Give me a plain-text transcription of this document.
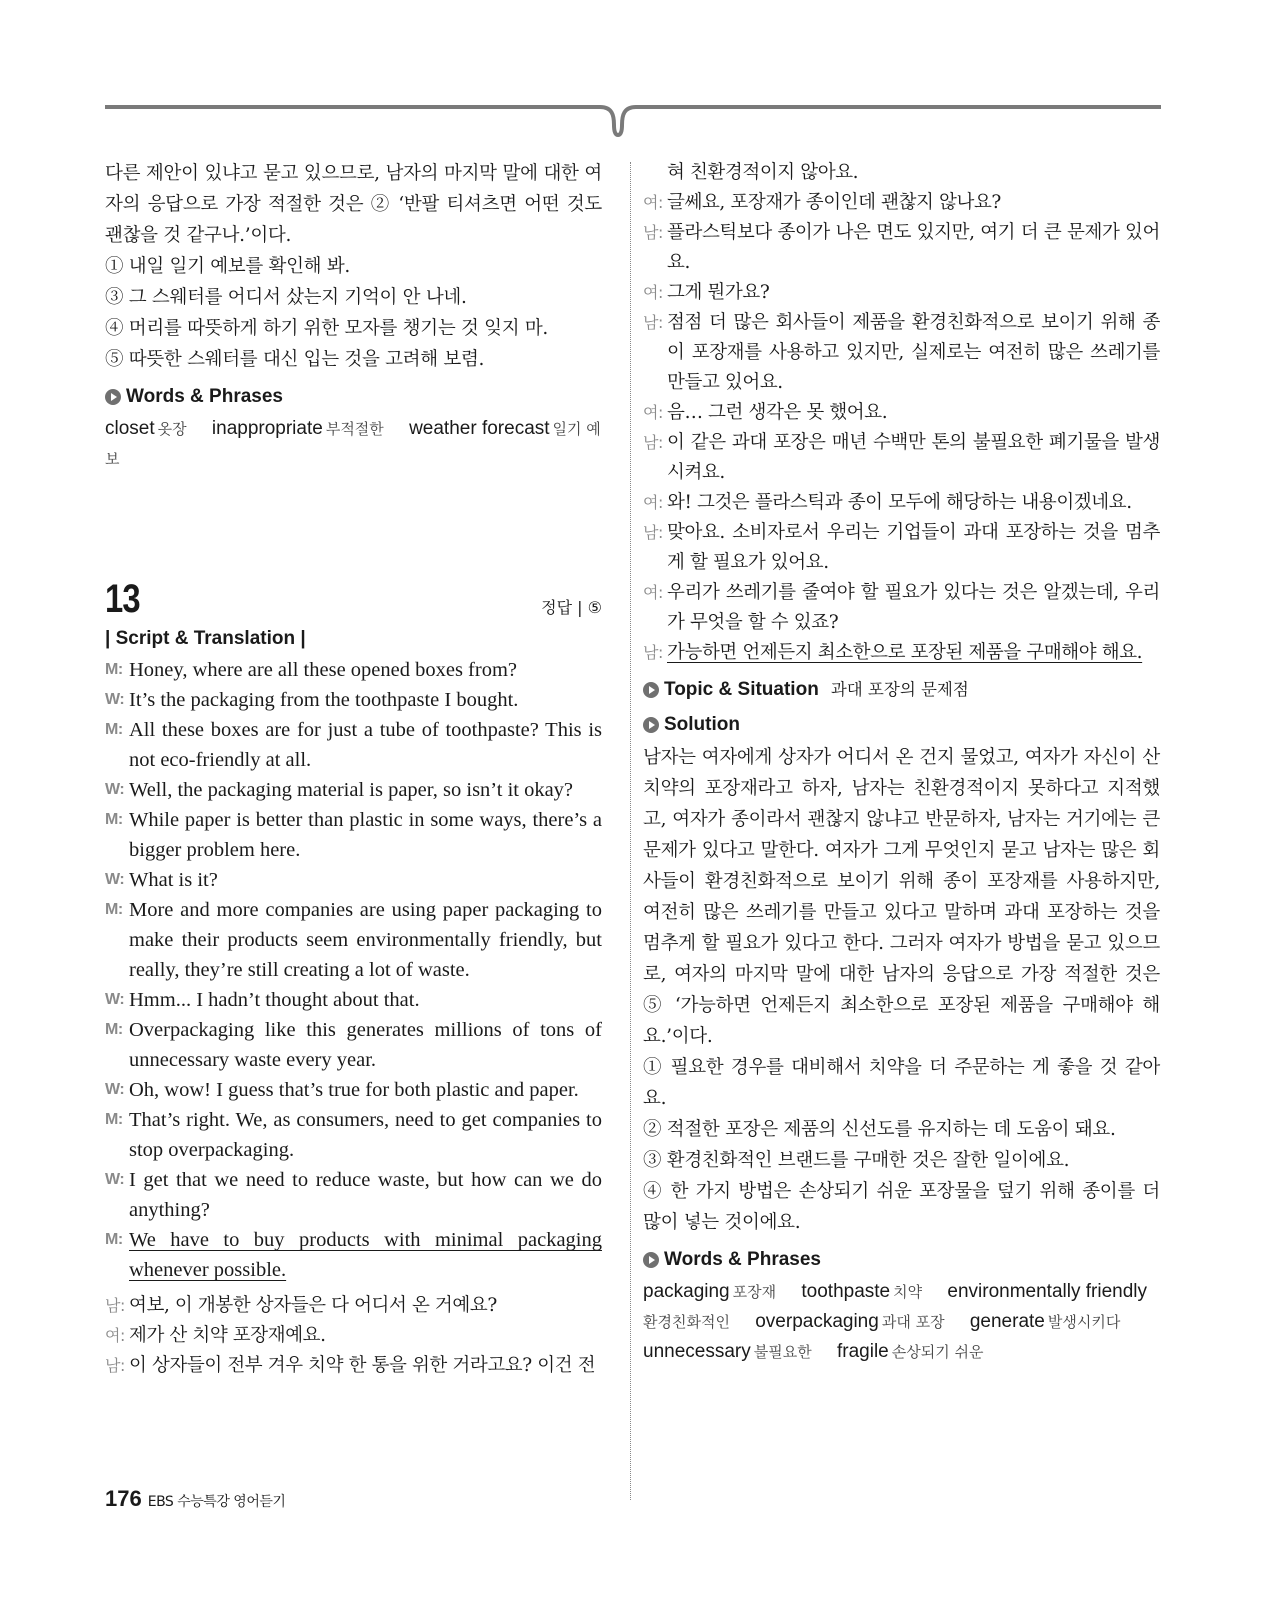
다른 제안이 있냐고 묻고 있으므로, 남자의 마지막 말에 대한 여자의 응답으로 가장 적절한 것은 ② ‘반팔 티셔츠면 어떤 것도 괜찮을 것 같구나.’이다.

① 내일 일기 예보를 확인해 봐.

③ 그 스웨터를 어디서 샀는지 기억이 안 나네.

④ 머리를 따뜻하게 하기 위한 모자를 챙기는 것 잊지 마.

⑤ 따뜻한 스웨터를 대신 입는 것을 고려해 보렴.

Words & Phrases

closet 옷장 inappropriate 부적절한 weather forecast 일기 예보

13	정답 | ⑤
| Script & Translation |

M: Honey, where are all these opened boxes from?

W: It’s the packaging from the toothpaste I bought.

M: All these boxes are for just a tube of toothpaste? This is not eco-friendly at all.

W: Well, the packaging material is paper, so isn’t it okay?

M: While paper is better than plastic in some ways, there’s a bigger problem here.

W: What is it?

M: More and more companies are using paper packaging to make their products seem environmentally friendly, but really, they’re still creating a lot of waste.

W: Hmm... I hadn’t thought about that.

M: Overpackaging like this generates millions of tons of unnecessary waste every year.

W: Oh, wow! I guess that’s true for both plastic and paper.

M: That’s right. We, as consumers, need to get companies to stop overpackaging.

W: I get that we need to reduce waste, but how can we do anything?

M: We have to buy products with minimal packaging whenever possible.

남: 여보, 이 개봉한 상자들은 다 어디서 온 거예요?

여: 제가 산 치약 포장재예요.

남: 이 상자들이 전부 겨우 치약 한 통을 위한 거라고요? 이건 전

혀 친환경적이지 않아요.

여: 글쎄요, 포장재가 종이인데 괜찮지 않나요?

남: 플라스틱보다 종이가 나은 면도 있지만, 여기 더 큰 문제가 있어요.

여: 그게 뭔가요?

남: 점점 더 많은 회사들이 제품을 환경친화적으로 보이기 위해 종이 포장재를 사용하고 있지만, 실제로는 여전히 많은 쓰레기를 만들고 있어요.

여: 음… 그런 생각은 못 했어요.

남: 이 같은 과대 포장은 매년 수백만 톤의 불필요한 폐기물을 발생시켜요.

여: 와! 그것은 플라스틱과 종이 모두에 해당하는 내용이겠네요.

남: 맞아요. 소비자로서 우리는 기업들이 과대 포장하는 것을 멈추게 할 필요가 있어요.

여: 우리가 쓰레기를 줄여야 할 필요가 있다는 것은 알겠는데, 우리가 무엇을 할 수 있죠?

남: 가능하면 언제든지 최소한으로 포장된 제품을 구매해야 해요.

Topic & Situation 과대 포장의 문제점
Solution

남자는 여자에게 상자가 어디서 온 건지 물었고, 여자가 자신이 산 치약의 포장재라고 하자, 남자는 친환경적이지 못하다고 지적했고, 여자가 종이라서 괜찮지 않냐고 반문하자, 남자는 거기에는 큰 문제가 있다고 말한다. 여자가 그게 무엇인지 묻고 남자는 많은 회사들이 환경친화적으로 보이기 위해 종이 포장재를 사용하지만, 여전히 많은 쓰레기를 만들고 있다고 말하며 과대 포장하는 것을 멈추게 할 필요가 있다고 한다. 그러자 여자가 방법을 묻고 있으므로, 여자의 마지막 말에 대한 남자의 응답으로 가장 적절한 것은 ⑤ ‘가능하면 언제든지 최소한으로 포장된 제품을 구매해야 해요.’이다.

① 필요한 경우를 대비해서 치약을 더 주문하는 게 좋을 것 같아요.

② 적절한 포장은 제품의 신선도를 유지하는 데 도움이 돼요.

③ 환경친화적인 브랜드를 구매한 것은 잘한 일이에요.

④ 한 가지 방법은 손상되기 쉬운 포장물을 덮기 위해 종이를 더 많이 넣는 것이에요.

Words & Phrases

packaging 포장재 toothpaste 치약 environmentally friendly환경친화적인 overpackaging 과대 포장 generate 발생시키다 unnecessary 불필요한 fragile 손상되기 쉬운

176 EBS 수능특강 영어듣기
